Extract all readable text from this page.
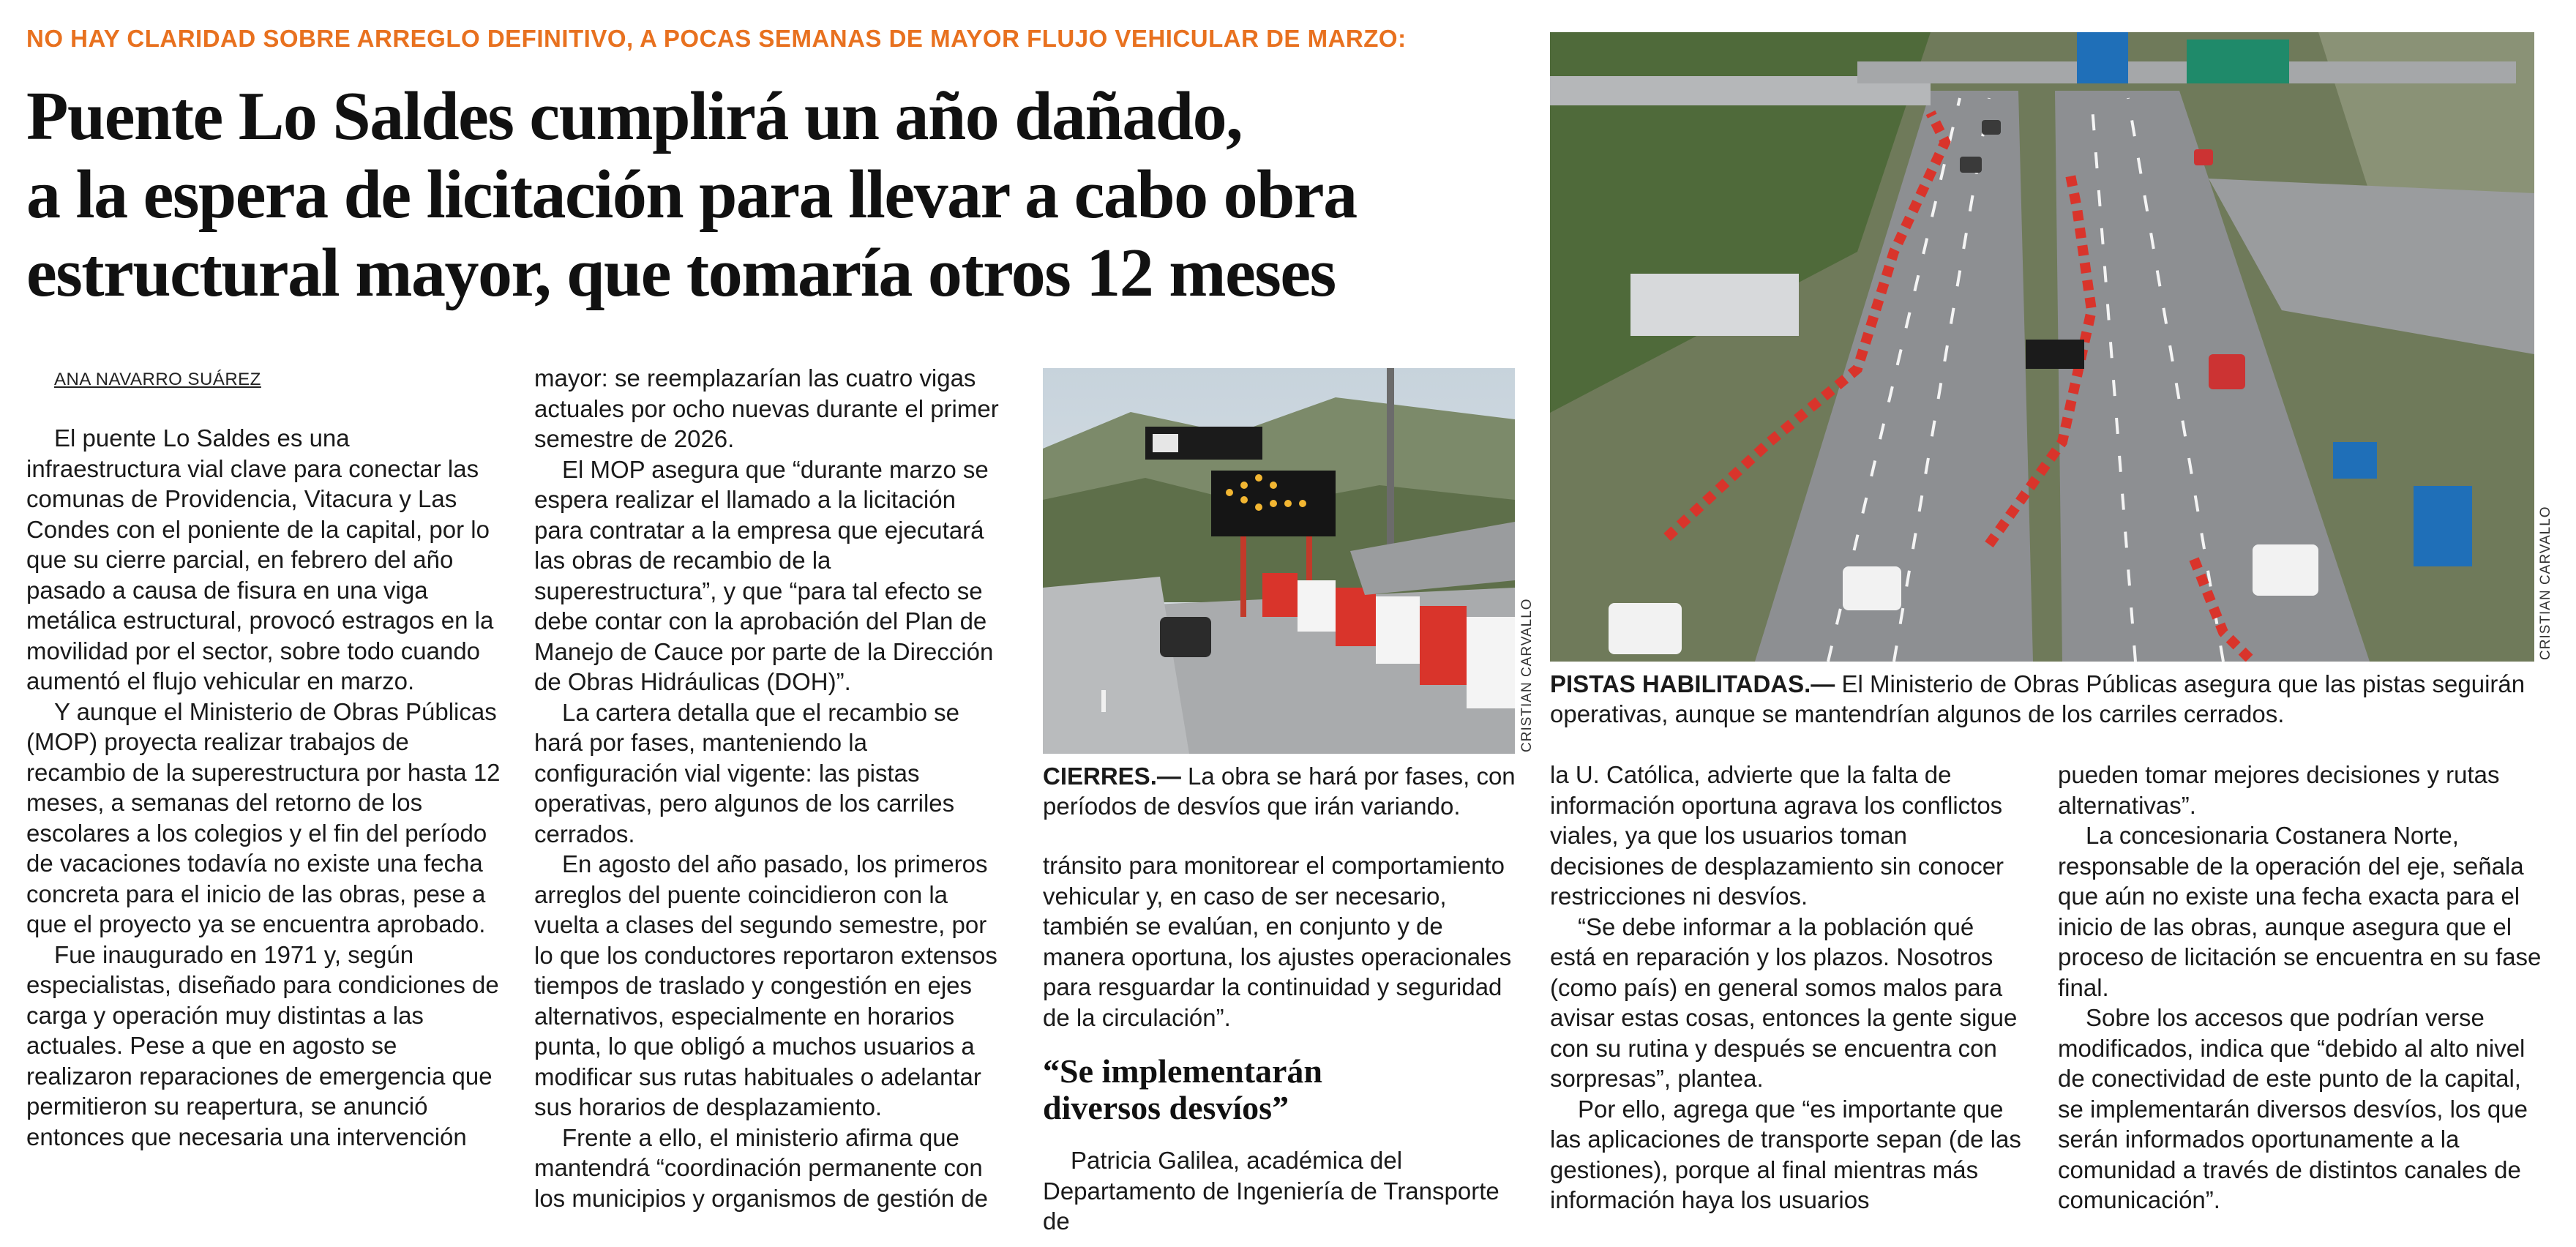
NO HAY CLARIDAD SOBRE ARREGLO DEFINITIVO, A POCAS SEMANAS DE MAYOR FLUJO VEHICULAR DE MARZO:
Puente Lo Saldes cumplirá un año dañado,
a la espera de licitación para llevar a cabo obra
estructural mayor, que tomaría otros 12 meses
ANA NAVARRO SUÁREZ

El puente Lo Saldes es una infraestructura vial clave para conectar las comunas de Providencia, Vitacura y Las Condes con el poniente de la capital, por lo que su cierre parcial, en febrero del año pasado a causa de fisura en una viga metálica estructural, provocó estragos en la movilidad por el sector, sobre todo cuando aumentó el flujo vehicular en marzo.

Y aunque el Ministerio de Obras Públicas (MOP) proyecta realizar trabajos de recambio de la superestructura por hasta 12 meses, a semanas del retorno de los escolares a los colegios y el fin del período de vacaciones todavía no existe una fecha concreta para el inicio de las obras, pese a que el proyecto ya se encuentra aprobado.

Fue inaugurado en 1971 y, según especialistas, diseñado para condiciones de carga y operación muy distintas a las actuales. Pese a que en agosto se realizaron reparaciones de emergencia que permitieron su reapertura, se anunció entonces que necesaria una intervención

mayor: se reemplazarían las cuatro vigas actuales por ocho nuevas durante el primer semestre de 2026.

El MOP asegura que “durante marzo se espera realizar el llamado a la licitación para contratar a la empresa que ejecutará las obras de recambio de la superestructura”, y que “para tal efecto se debe contar con la aprobación del Plan de Manejo de Cauce por parte de la Dirección de Obras Hidráulicas (DOH)”.

La cartera detalla que el recambio se hará por fases, manteniendo la configuración vial vigente: las pistas operativas, pero algunos de los carriles cerrados.

En agosto del año pasado, los primeros arreglos del puente coincidieron con la vuelta a clases del segundo semestre, por lo que los conductores reportaron extensos tiempos de traslado y congestión en ejes alternativos, especialmente en horarios punta, lo que obligó a muchos usuarios a modificar sus rutas habituales o adelantar sus horarios de desplazamiento.

Frente a ello, el ministerio afirma que mantendrá “coordinación permanente con los municipios y organismos de gestión de

CRISTIAN CARVALLO
CIERRES.— La obra se hará por fases, con períodos de desvíos que irán variando.

tránsito para monitorear el comportamiento vehicular y, en caso de ser necesario, también se evalúan, en conjunto y de manera oportuna, los ajustes operacionales para resguardar la continuidad y seguridad de la circulación”.

“Se implementarán
diversos desvíos”

Patricia Galilea, académica del Departamento de Ingeniería de Transporte de

CRISTIAN CARVALLO
PISTAS HABILITADAS.— El Ministerio de Obras Públicas asegura que las pistas seguirán operativas, aunque se mantendrían algunos de los carriles cerrados.

la U. Católica, advierte que la falta de información oportuna agrava los conflictos viales, ya que los usuarios toman decisiones de desplazamiento sin conocer restricciones ni desvíos.

“Se debe informar a la población qué está en reparación y los plazos. Nosotros (como país) en general somos malos para avisar estas cosas, entonces la gente sigue con su rutina y después se encuentra con sorpresas”, plantea.

Por ello, agrega que “es importante que las aplicaciones de transporte sepan (de las gestiones), porque al final mientras más información haya los usuarios

pueden tomar mejores decisiones y rutas alternativas”.

La concesionaria Costanera Norte, responsable de la operación del eje, señala que aún no existe una fecha exacta para el inicio de las obras, aunque asegura que el proceso de licitación se encuentra en su fase final.

Sobre los accesos que podrían verse modificados, indica que “debido al alto nivel de conectividad de este punto de la capital, se implementarán diversos desvíos, los que serán informados oportunamente a la comunidad a través de distintos canales de comunicación”.
